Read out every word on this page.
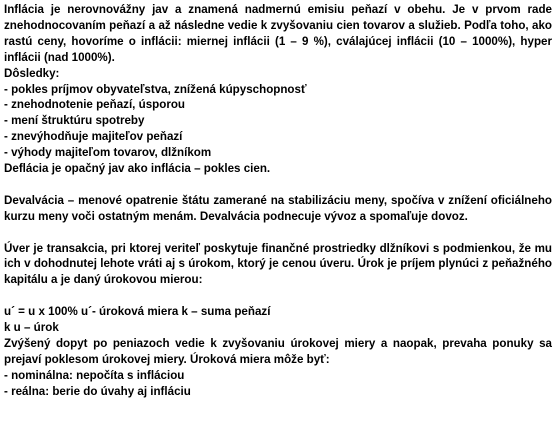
Inflácia je nerovnovážny jav a znamená nadmernú emisiu peňazí v obehu. Je v prvom rade znehodnocovaním peňazí a až následne vedie k zvyšovaniu cien tovarov a služieb. Podľa toho, ako rastú ceny, hovoríme o inflácii: miernej inflácii (1 – 9 %), cválajúcej inflácii (10 – 1000%), hyper inflácii (nad 1000%).

Dôsledky:
- pokles príjmov obyvateľstva, znížená kúpyschopnosť
- znehodnotenie peňazí, úsporou
- mení štruktúru spotreby
- znevýhodňuje majiteľov peňazí
- výhody majiteľom tovarov, dlžníkom
Deflácia je opačný jav ako inflácia – pokles cien.

Devalvácia – menové opatrenie štátu zamerané na stabilizáciu meny, spočíva v znížení oficiálneho kurzu meny voči ostatným menám. Devalvácia podnecuje vývoz a spomaľuje dovoz.

Úver je transakcia, pri ktorej veriteľ poskytuje finančné prostriedky dlžníkovi s podmienkou, že mu ich v dohodnutej lehote vráti aj s úrokom, ktorý je cenou úveru. Úrok je príjem plynúci z peňažného kapitálu a je daný úrokovou mierou:

u´ = u x 100% u´- úroková miera k – suma peňazí
k u – úrok

Zvýšený dopyt po peniazoch vedie k zvyšovaniu úrokovej miery a naopak, prevaha ponuky sa prejaví poklesom úrokovej miery. Úroková miera môže byť:

- nominálna: nepočíta s infláciou
- reálna: berie do úvahy aj infláciu
